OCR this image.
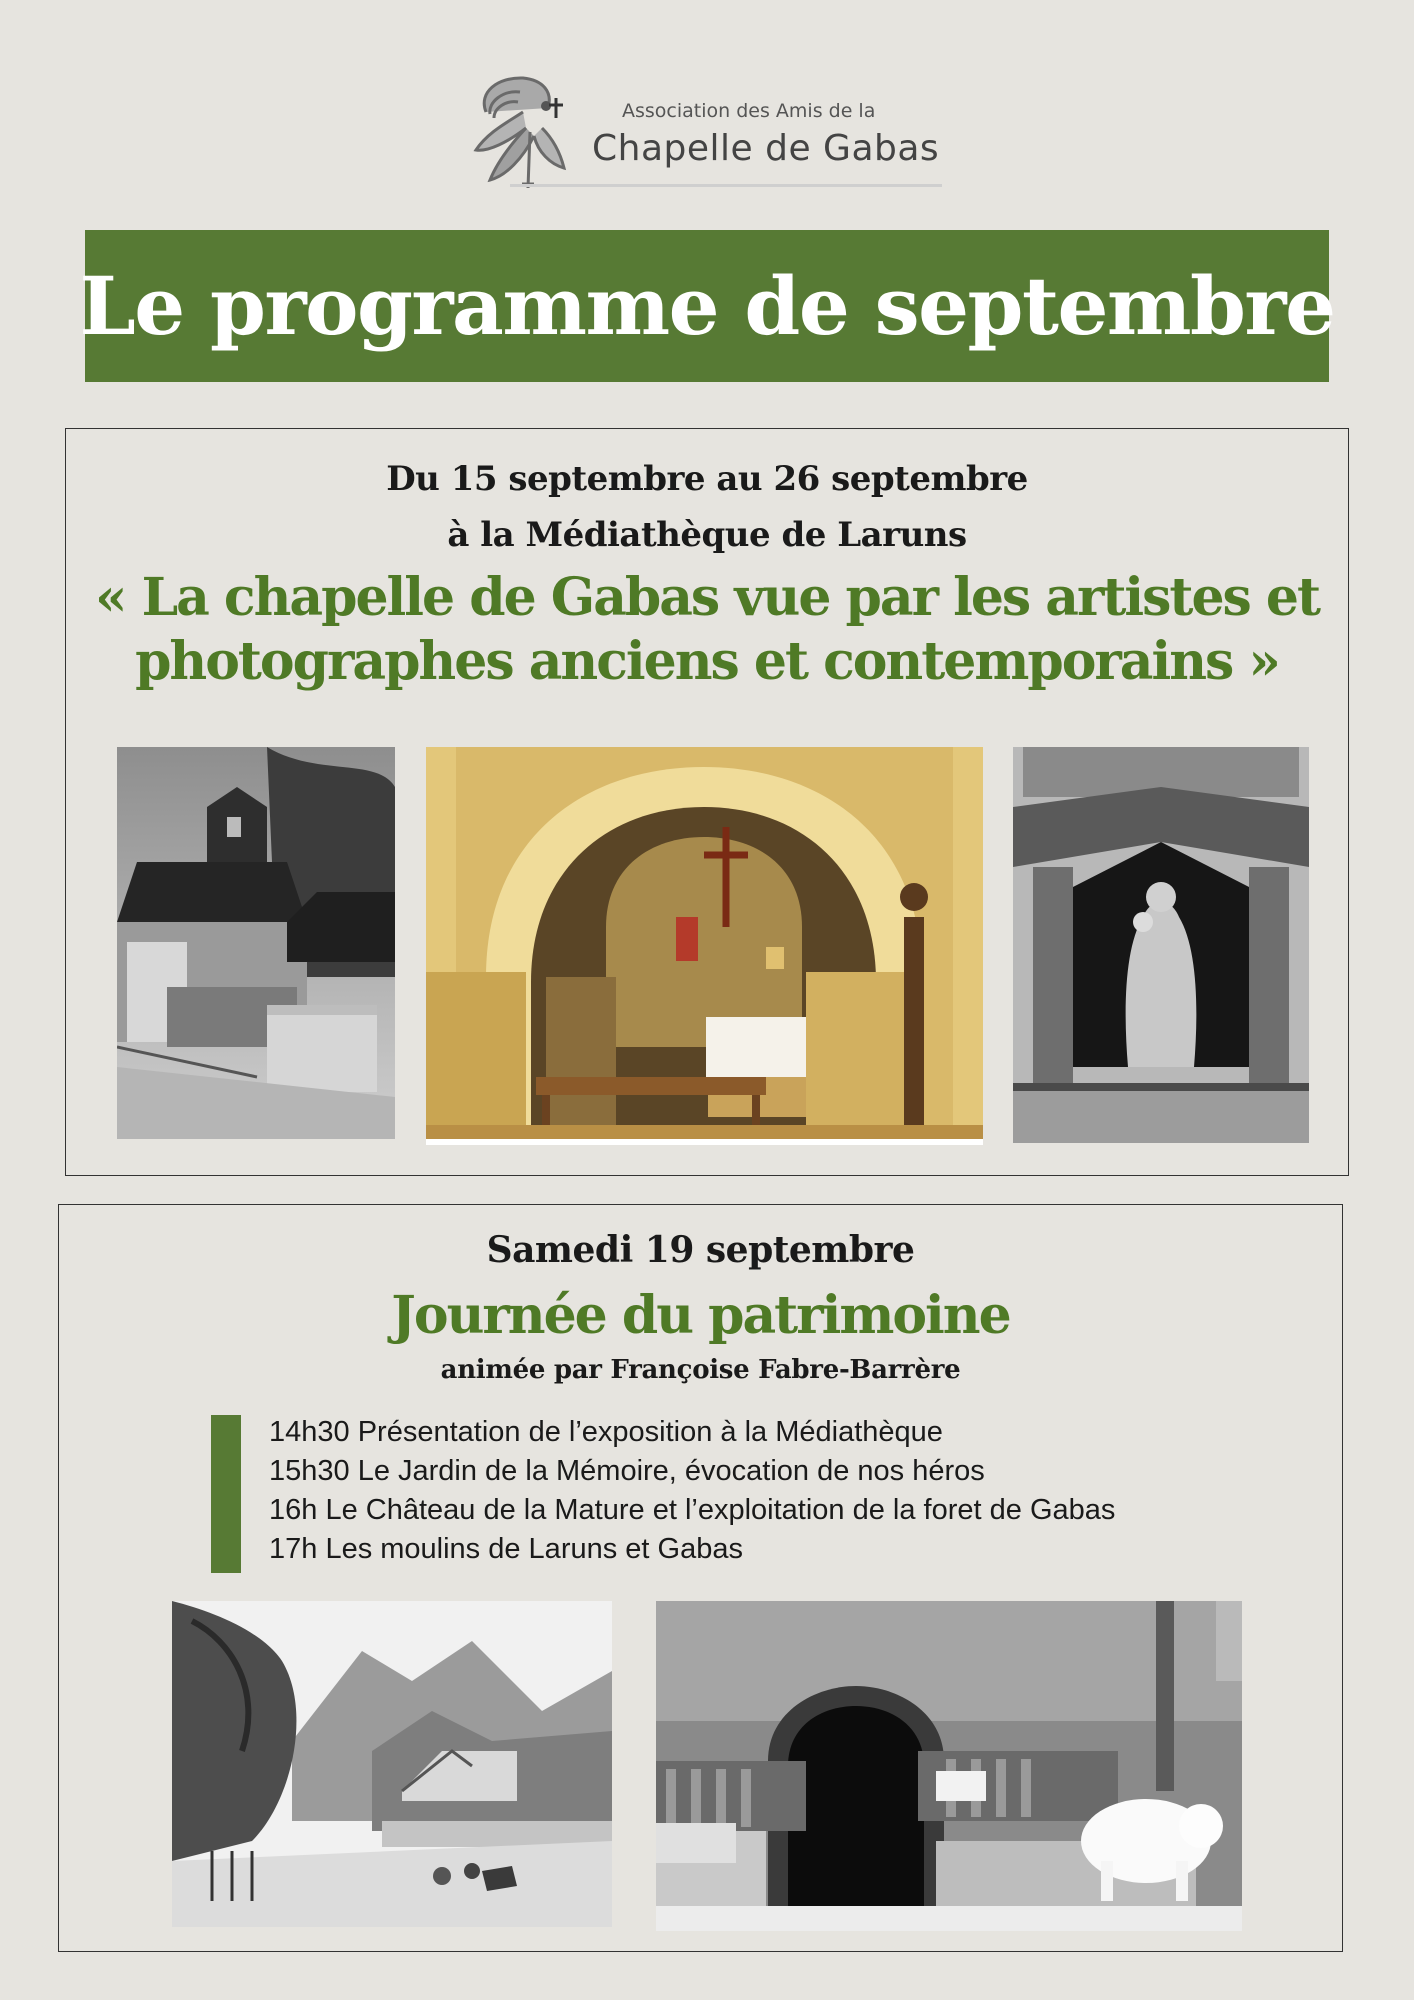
Association des Amis de la
Chapelle de Gabas
Le programme de septembre
Du 15 septembre au 26 septembre
à la Médiathèque de Laruns
« La chapelle de Gabas vue par les artistes et
photographes anciens et contemporains »
Samedi 19 septembre
Journée du patrimoine
animée par Françoise Fabre-Barrère
14h30 Présentation de l’exposition à la Médiathèque
15h30 Le Jardin de la Mémoire, évocation de nos héros
16h Le Château de la Mature et l’exploitation de la foret de Gabas
17h Les moulins de Laruns et Gabas
